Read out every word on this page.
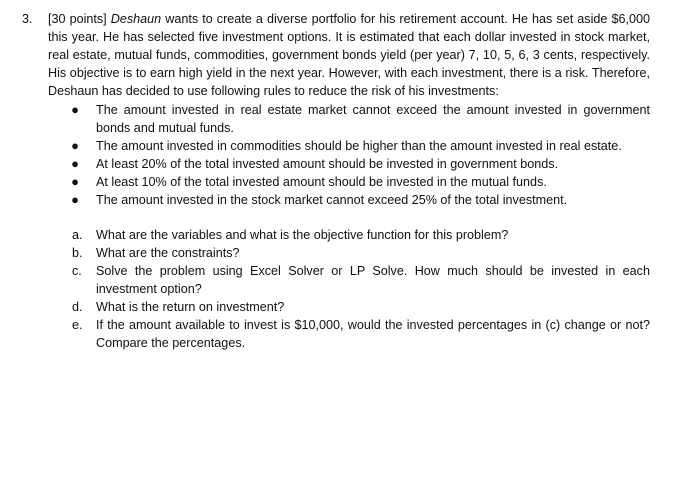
3.	[30 points] Deshaun wants to create a diverse portfolio for his retirement account. He has set aside $6,000 this year. He has selected five investment options. It is estimated that each dollar invested in stock market, real estate, mutual funds, commodities, government bonds yield (per year) 7, 10, 5, 6, 3 cents, respectively. His objective is to earn high yield in the next year. However, with each investment, there is a risk. Therefore, Deshaun has decided to use following rules to reduce the risk of his investments:
● The amount invested in real estate market cannot exceed the amount invested in government bonds and mutual funds.
● The amount invested in commodities should be higher than the amount invested in real estate.
● At least 20% of the total invested amount should be invested in government bonds.
● At least 10% of the total invested amount should be invested in the mutual funds.
● The amount invested in the stock market cannot exceed 25% of the total investment.
a. What are the variables and what is the objective function for this problem?
b. What are the constraints?
c. Solve the problem using Excel Solver or LP Solve. How much should be invested in each investment option?
d. What is the return on investment?
e. If the amount available to invest is $10,000, would the invested percentages in (c) change or not? Compare the percentages.
